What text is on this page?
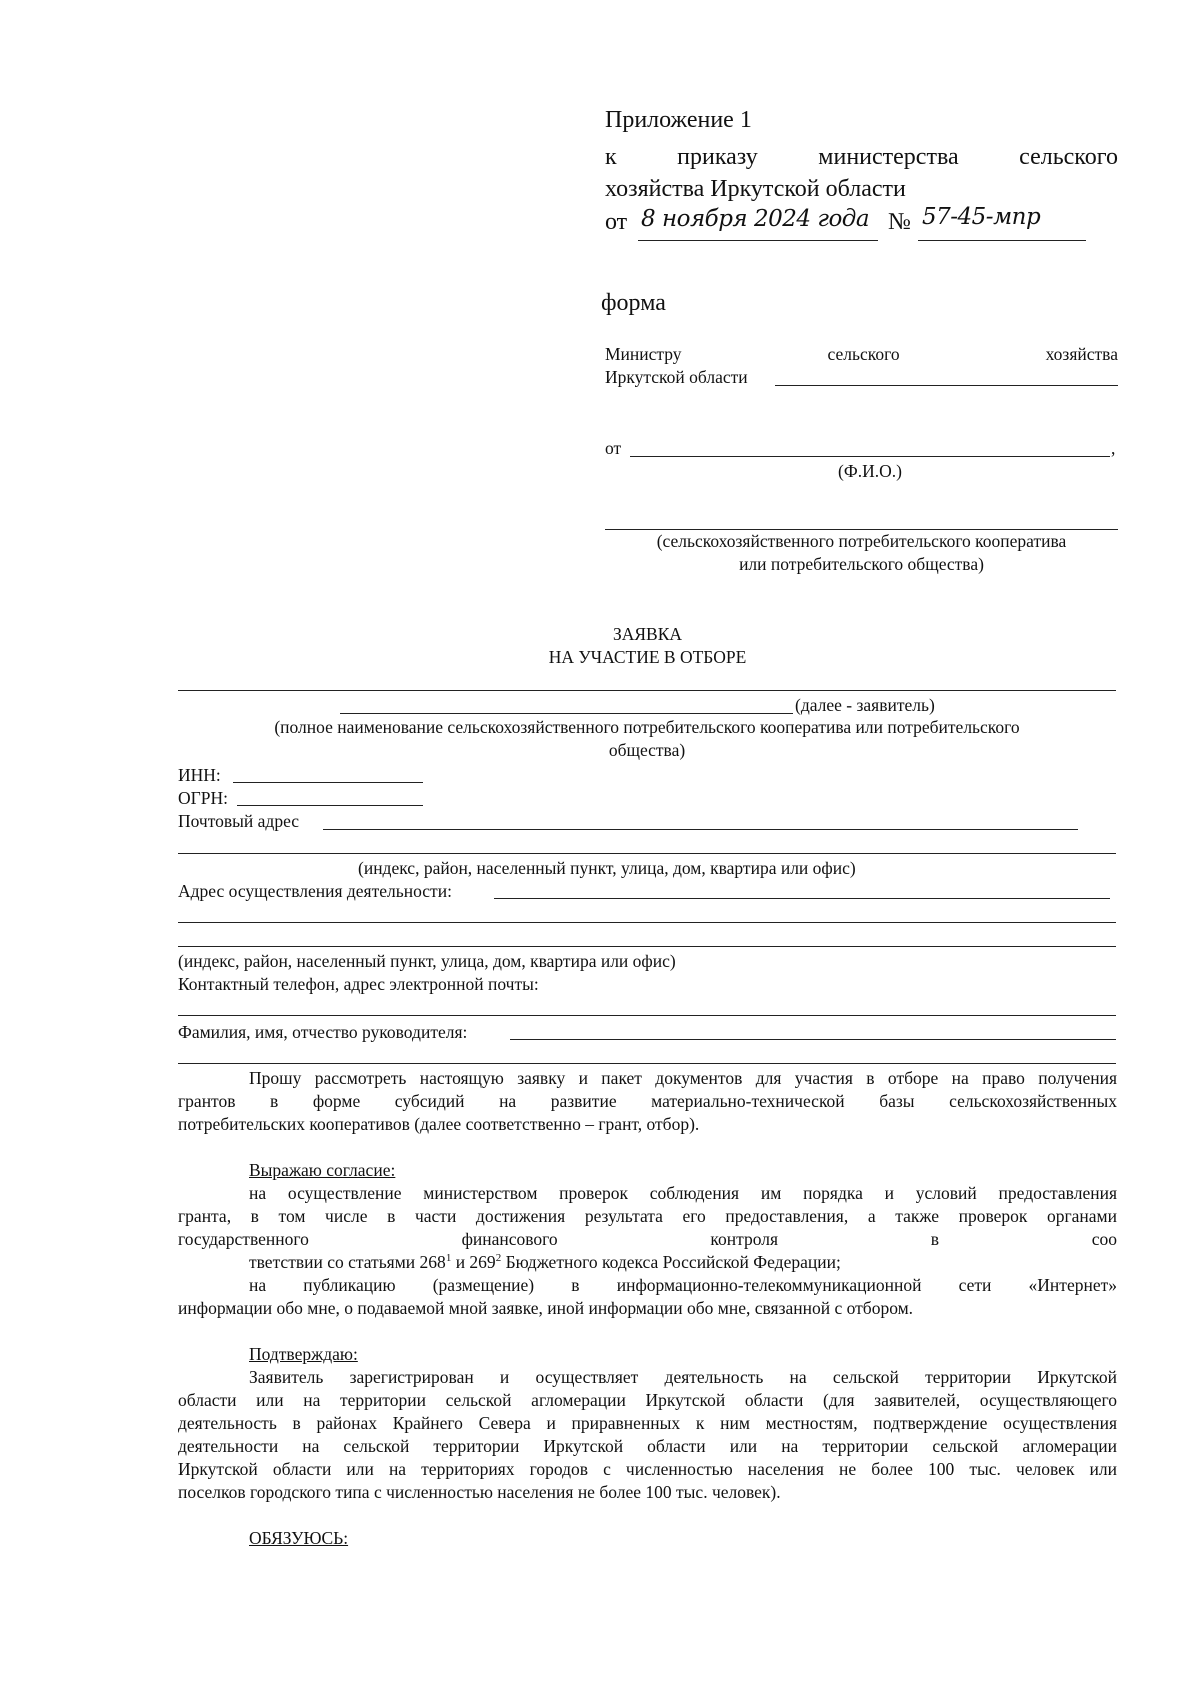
Приложение 1
к	приказу	министерства	сельского
хозяйства Иркутской области
от 8 ноября 2024 года № 57-45-мпр
форма
Министру	сельского	хозяйства
Иркутской области
от	,
(Ф.И.О.)
(сельскохозяйственного потребительского кооператива
или потребительского общества)
ЗАЯВКА
НА УЧАСТИЕ В ОТБОРЕ
(далее - заявитель)
(полное наименование сельскохозяйственного потребительского кооператива или потребительского
общества)
ИНН:
ОГРН:
Почтовый адрес
(индекс, район, населенный пункт, улица, дом, квартира или офис)
Адрес осуществления деятельности:
(индекс, район, населенный пункт, улица, дом, квартира или офис)
Контактный телефон, адрес электронной почты:
Фамилия, имя, отчество руководителя:
Прошу рассмотреть настоящую заявку и пакет документов для участия в отборе на право получения
грантов в форме субсидий на развитие материально-технической базы сельскохозяйственных
потребительских кооперативов (далее соответственно – грант, отбор).
Выражаю согласие:
на осуществление министерством проверок соблюдения им порядка и условий предоставления
гранта, в том числе в части достижения результата его предоставления, а также проверок органами
государственного	финансового	контроля	в	соо
тветствии со статьями $268^1$ и $269^2$ Бюджетного кодекса Российской Федерации;
на публикацию (размещение) в информационно-телекоммуникационной сети «Интернет»
информации обо мне, о подаваемой мной заявке, иной информации обо мне, связанной с отбором.
Подтверждаю:
Заявитель зарегистрирован и осуществляет деятельность на сельской территории Иркутской
области или на территории сельской агломерации Иркутской области (для заявителей, осуществляющего
деятельность в районах Крайнего Севера и приравненных к ним местностям, подтверждение осуществления
деятельности на сельской территории Иркутской области или на территории сельской агломерации
Иркутской области или на территориях городов с численностью населения не более 100 тыс. человек или
поселков городского типа с численностью населения не более 100 тыс. человек).
ОБЯЗУЮСЬ:
